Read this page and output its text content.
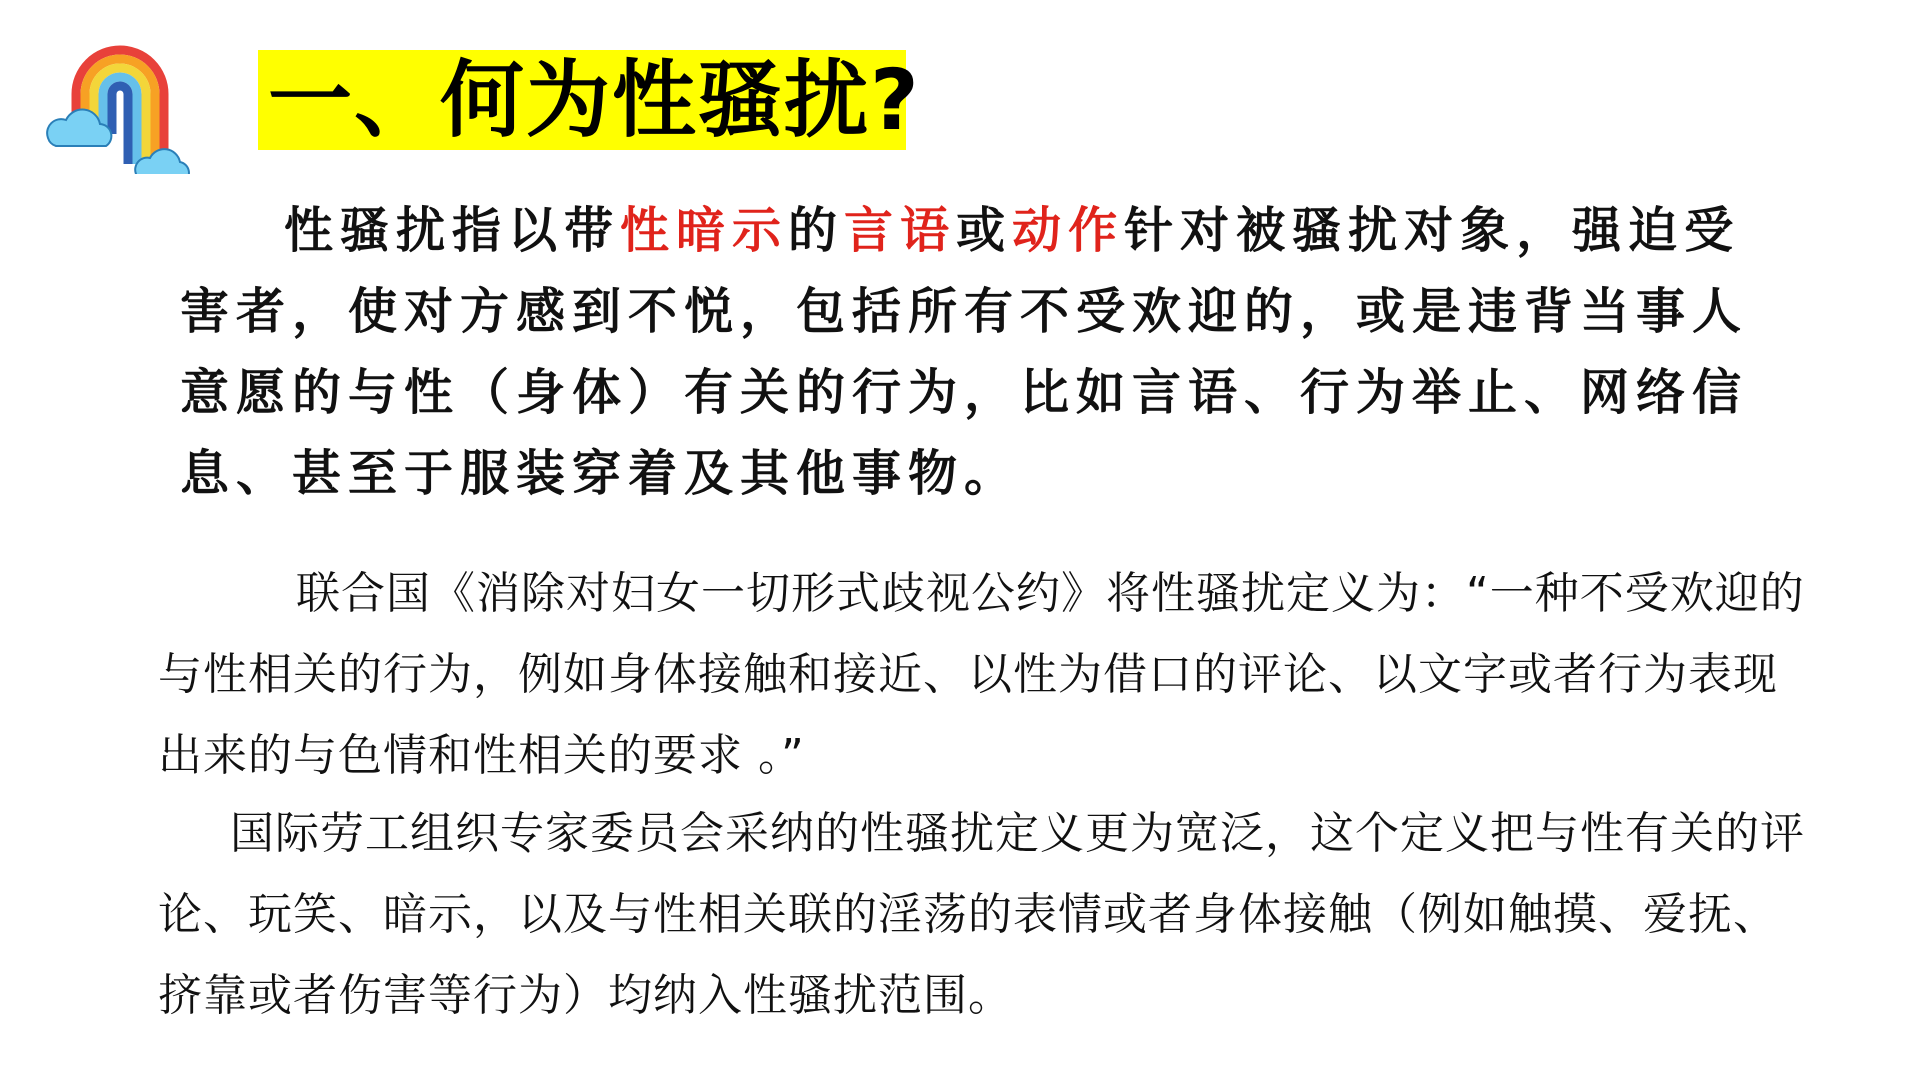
一、何为性骚扰?
性骚扰指以带性暗示的言语或动作针对被骚扰对象，强迫受害者，使对方感到不悦，包括所有不受欢迎的，或是违背当事人意愿的与性（身体）有关的行为，比如言语、行为举止、网络信息、甚至于服装穿着及其他事物。
联合国《消除对妇女一切形式歧视公约》将性骚扰定义为：“一种不受欢迎的与性相关的行为，例如身体接触和接近、以性为借口的评论、以文字或者行为表现出来的与色情和性相关的要求 。”
国际劳工组织专家委员会采纳的性骚扰定义更为宽泛，这个定义把与性有关的评论、玩笑、暗示，以及与性相关联的淫荡的表情或者身体接触（例如触摸、爱抚、挤靠或者伤害等行为）均纳入性骚扰范围。
